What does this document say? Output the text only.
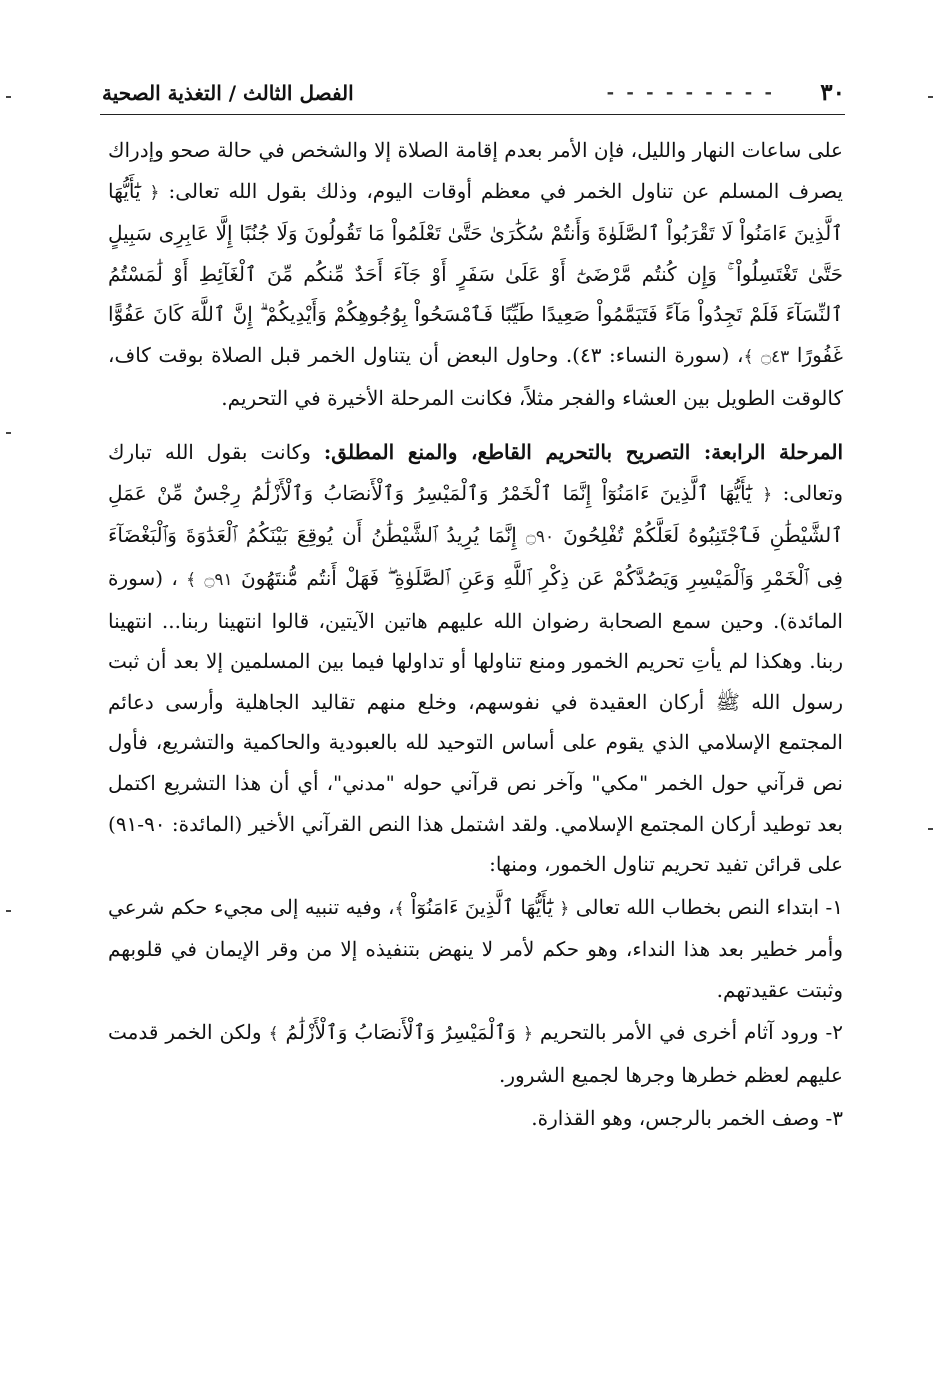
٣٠
- - - - - - - - -
الفصل الثالث / التغذية الصحية

على ساعات النهار والليل، فإن الأمر بعدم إقامة الصلاة إلا والشخص في حالة صحو وإدراك يصرف المسلم عن تناول الخمر في معظم أوقات اليوم، وذلك بقول الله تعالى: ﴿ يَٰٓأَيُّهَا ٱلَّذِينَ ءَامَنُواْ لَا تَقْرَبُواْ ٱلصَّلَوٰةَ وَأَنتُمْ سُكَٰرَىٰ حَتَّىٰ تَعْلَمُواْ مَا تَقُولُونَ وَلَا جُنُبًا إِلَّا عَابِرِى سَبِيلٍ حَتَّىٰ تَغْتَسِلُواْ ۚ وَإِن كُنتُم مَّرْضَىٰٓ أَوْ عَلَىٰ سَفَرٍ أَوْ جَآءَ أَحَدٌ مِّنكُم مِّنَ ٱلْغَآئِطِ أَوْ لَٰمَسْتُمُ ٱلنِّسَآءَ فَلَمْ تَجِدُواْ مَآءً فَتَيَمَّمُواْ صَعِيدًا طَيِّبًا فَٱمْسَحُواْ بِوُجُوهِكُمْ وَأَيْدِيكُمْ ۗ إِنَّ ٱللَّهَ كَانَ عَفُوًّا غَفُورًا ۝٤٣ ﴾، (سورة النساء: ٤٣). وحاول البعض أن يتناول الخمر قبل الصلاة بوقت كاف، كالوقت الطويل بين العشاء والفجر مثلاً، فكانت المرحلة الأخيرة في التحريم.

المرحلة الرابعة: التصريح بالتحريم القاطع، والمنع المطلق: وكانت بقول الله تبارك وتعالى: ﴿ يَٰٓأَيُّهَا ٱلَّذِينَ ءَامَنُوٓاْ إِنَّمَا ٱلْخَمْرُ وَٱلْمَيْسِرُ وَٱلْأَنصَابُ وَٱلْأَزْلَٰمُ رِجْسٌ مِّنْ عَمَلِ ٱلشَّيْطَٰنِ فَٱجْتَنِبُوهُ لَعَلَّكُمْ تُفْلِحُونَ ۝٩٠ إِنَّمَا يُرِيدُ ٱلشَّيْطَٰنُ أَن يُوقِعَ بَيْنَكُمُ ٱلْعَدَٰوَةَ وَٱلْبَغْضَآءَ فِى ٱلْخَمْرِ وَٱلْمَيْسِرِ وَيَصُدَّكُمْ عَن ذِكْرِ ٱللَّهِ وَعَنِ ٱلصَّلَوٰةِ ۖ فَهَلْ أَنتُم مُّنتَهُونَ ۝٩١ ﴾ ، (سورة المائدة). وحين سمع الصحابة رضوان الله عليهم هاتين الآيتين، قالوا انتهينا ربنا... انتهينا ربنا. وهكذا لم يأتِ تحريم الخمور ومنع تناولها أو تداولها فيما بين المسلمين إلا بعد أن ثبت رسول الله ﷺ أركان العقيدة في نفوسهم، وخلع منهم تقاليد الجاهلية وأرسى دعائم المجتمع الإسلامي الذي يقوم على أساس التوحيد لله بالعبودية والحاكمية والتشريع، فأول نص قرآني حول الخمر "مكي" وآخر نص قرآني حوله "مدني"، أي أن هذا التشريع اكتمل بعد توطيد أركان المجتمع الإسلامي. ولقد اشتمل هذا النص القرآني الأخير (المائدة: ٩٠-٩١) على قرائن تفيد تحريم تناول الخمور، ومنها:

١- ابتداء النص بخطاب الله تعالى ﴿ يَٰٓأَيُّهَا ٱلَّذِينَ ءَامَنُوٓاْ ﴾، وفيه تنبيه إلى مجيء حكم شرعي وأمر خطير بعد هذا النداء، وهو حكم لأمر لا ينهض بتنفيذه إلا من وقر الإيمان في قلوبهم وثبتت عقيدتهم.

٢- ورود آثام أخرى في الأمر بالتحريم ﴿ وَٱلْمَيْسِرُ وَٱلْأَنصَابُ وَٱلْأَزْلَٰمُ ﴾ ولكن الخمر قدمت عليهم لعظم خطرها وجرها لجميع الشرور.

٣- وصف الخمر بالرجس، وهو القذارة.
